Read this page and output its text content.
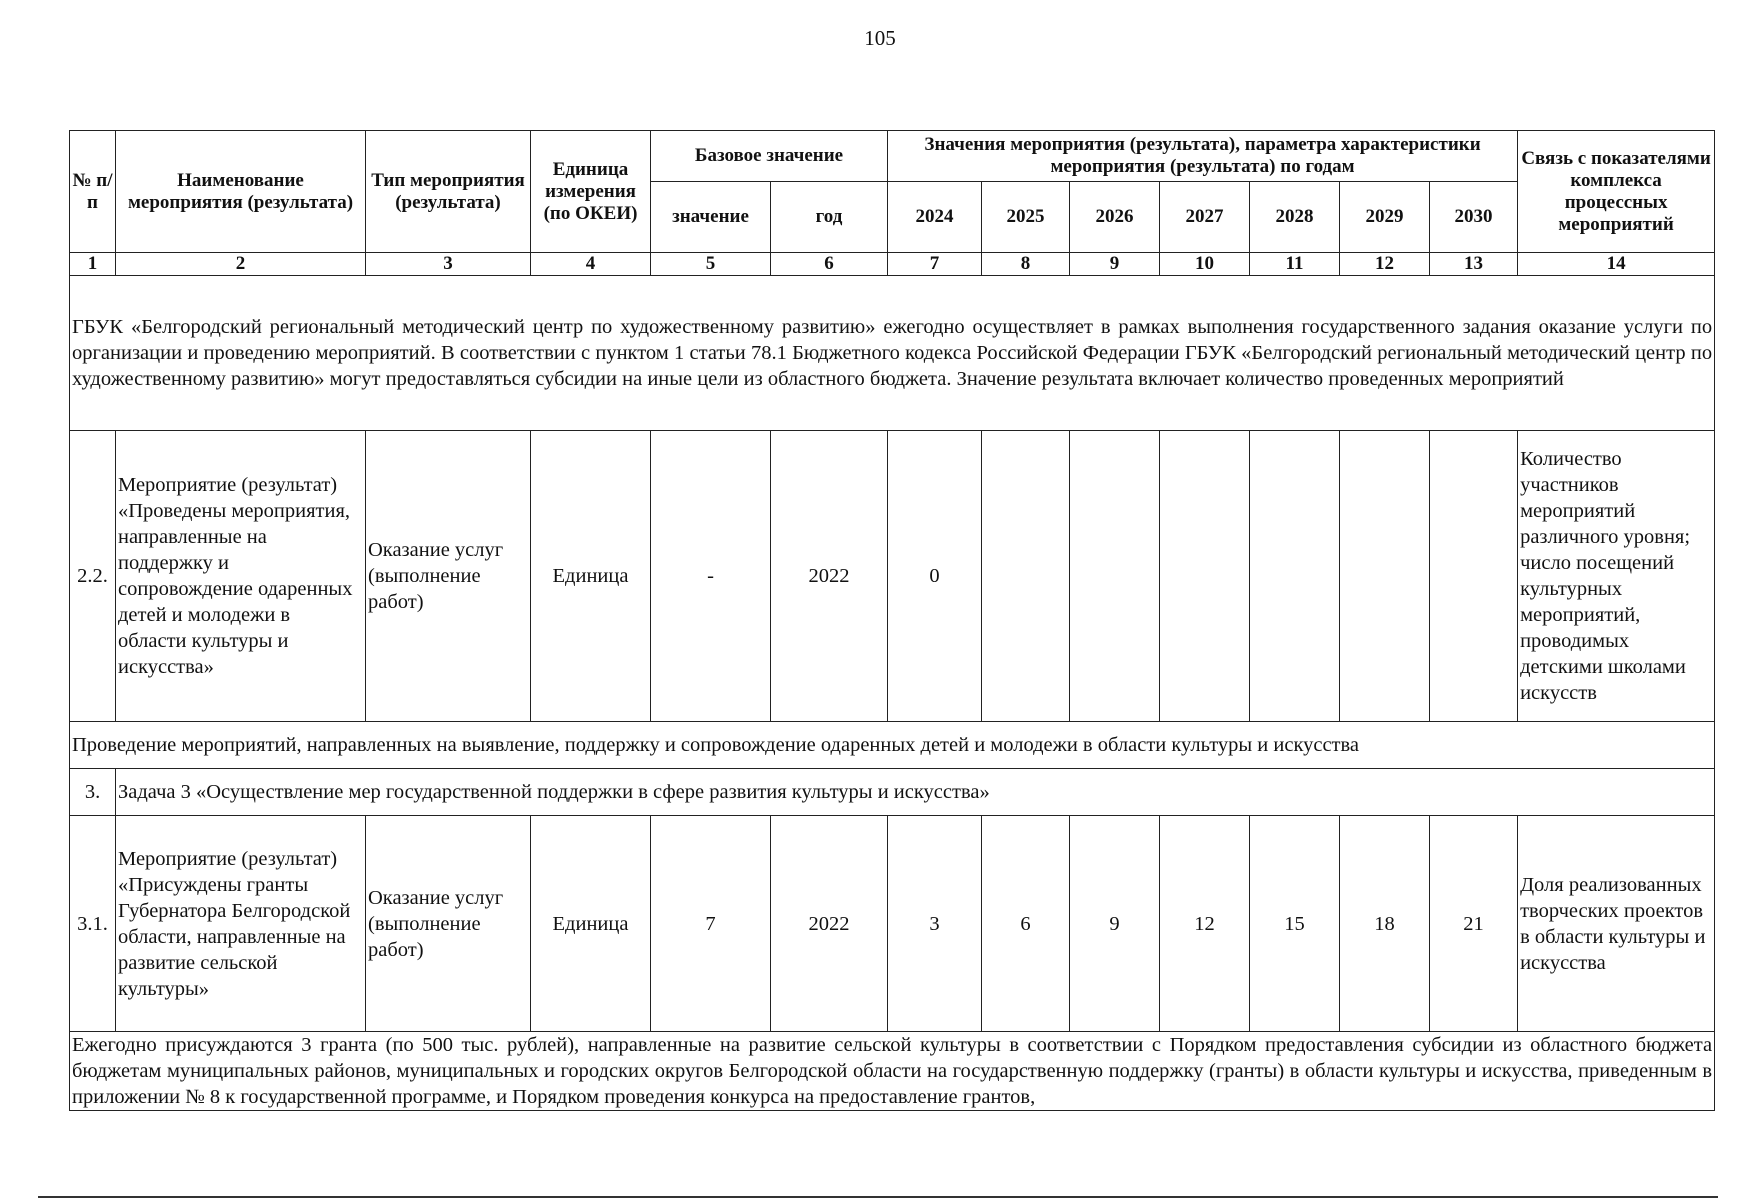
105
№ п/п	Наименование мероприятия (результата)	Тип мероприятия (результата)	Единица измерения (по ОКЕИ)	Базовое значение		Значения мероприятия (результата), параметра характеристики мероприятия (результата) по годам							Связь с показателями комплекса процессных мероприятий
				значение	год	2024	2025	2026	2027	2028	2029	2030	
1	2	3	4	5	6	7	8	9	10	11	12	13	14
ГБУК «Белгородский региональный методический центр по художественному развитию» ежегодно осуществляет в рамках выполнения государственного задания оказание услуги по организации и проведению мероприятий. В соответствии с пунктом 1 статьи 78.1 Бюджетного кодекса Российской Федерации ГБУК «Белгородский региональный методический центр по художественному развитию» могут предоставляться субсидии на иные цели из областного бюджета. Значение результата включает количество проведенных мероприятий													
2.2.	Мероприятие (результат) «Проведены мероприятия, направленные на поддержку и сопровождение одаренных детей и молодежи в области культуры и искусства»	Оказание услуг (выполнение работ)	Единица	-	2022	0							Количество участников мероприятий различного уровня; число посещений культурных мероприятий, проводимых детскими школами искусств
Проведение мероприятий, направленных на выявление, поддержку и сопровождение одаренных детей и молодежи в области культуры и искусства													
3.	Задача 3 «Осуществление мер государственной поддержки в сфере развития культуры и искусства»												
3.1.	Мероприятие (результат) «Присуждены гранты Губернатора Белгородской области, направленные на развитие сельской культуры»	Оказание услуг (выполнение работ)	Единица	7	2022	3	6	9	12	15	18	21	Доля реализованных творческих проектов в области культуры и искусства
Ежегодно присуждаются 3 гранта (по 500 тыс. рублей), направленные на развитие сельской культуры в соответствии с Порядком предоставления субсидии из областного бюджета бюджетам муниципальных районов, муниципальных и городских округов Белгородской области на государственную поддержку (гранты) в области культуры и искусства, приведенным в приложении № 8 к государственной программе, и Порядком проведения конкурса на предоставление грантов,													
